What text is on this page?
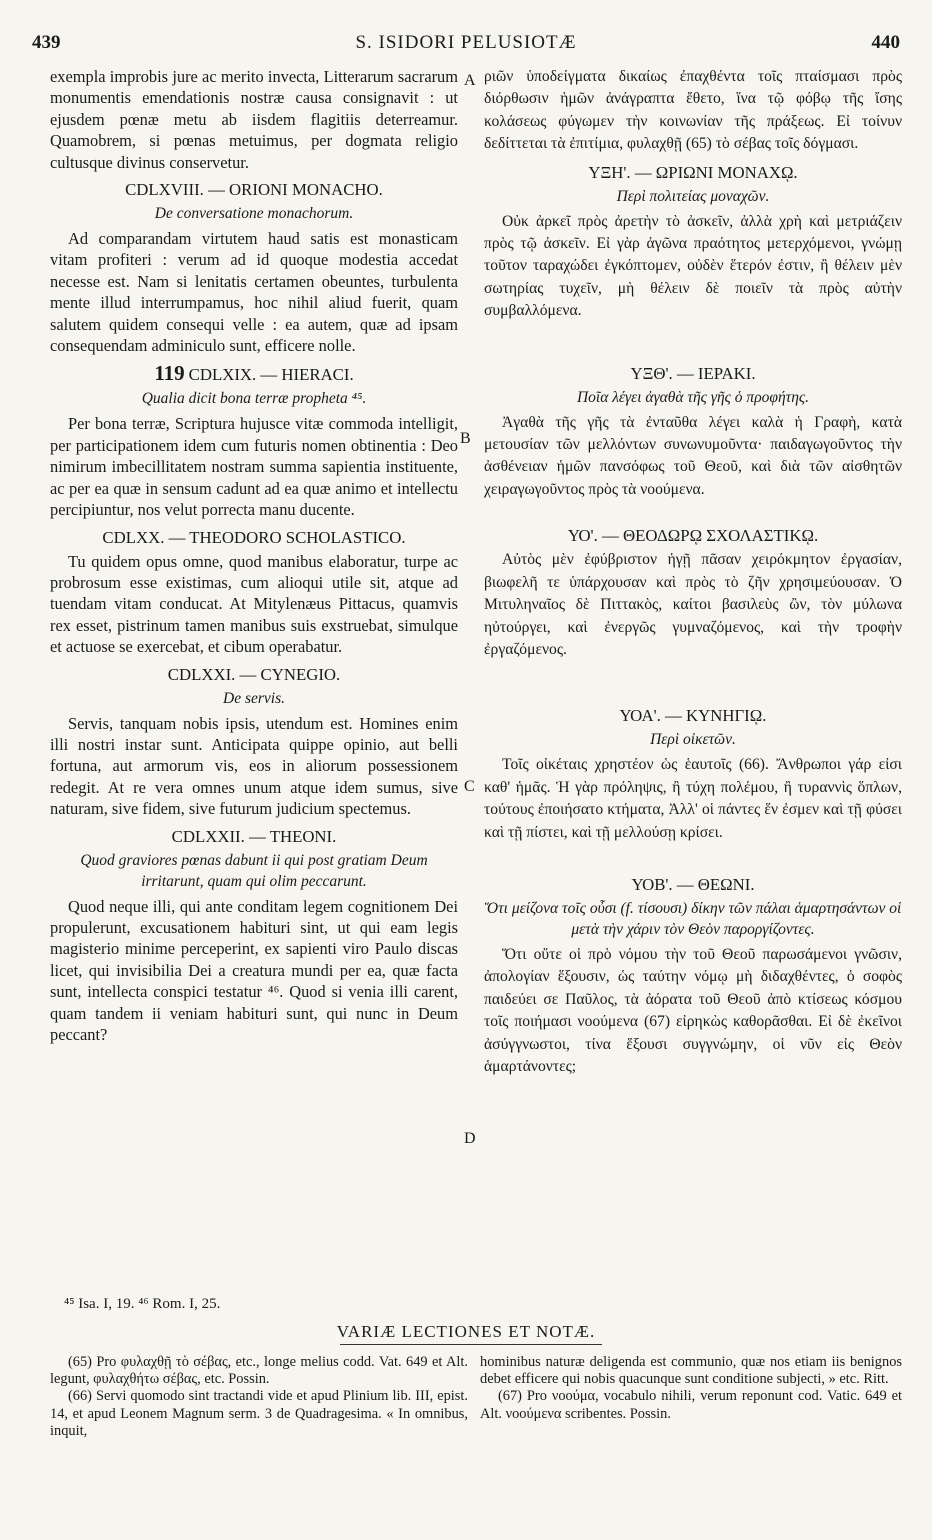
439	S. ISIDORI PELUSIOTÆ	440
A
B
C
D

exempla improbis jure ac merito invecta, Litterarum sacrarum monumentis emendationis nostræ causa consignavit : ut ejusdem pœnæ metu ab iisdem flagitiis deterreamur. Quamobrem, si pœnas metuimus, per dogmata religio cultusque divinus conservetur.

CDLXVIII. — ORIONI MONACHO.
De conversatione monachorum.

Ad comparandam virtutem haud satis est monasticam vitam profiteri : verum ad id quoque modestia accedat necesse est. Nam si lenitatis certamen obeuntes, turbulenta mente illud interrumpamus, hoc nihil aliud fuerit, quam salutem quidem consequi velle : ea autem, quæ ad ipsam consequendam adminiculo sunt, efficere nolle.

119 CDLXIX. — HIERACI.
Qualia dicit bona terræ propheta ⁴⁵.

Per bona terræ, Scriptura hujusce vitæ commoda intelligit, per participationem idem cum futuris nomen obtinentia : Deo nimirum imbecillitatem nostram summa sapientia instituente, ac per ea quæ in sensum cadunt ad ea quæ animo et intellectu percipiuntur, nos velut porrecta manu ducente.

CDLXX. — THEODORO SCHOLASTICO.

Tu quidem opus omne, quod manibus elaboratur, turpe ac probrosum esse existimas, cum alioqui utile sit, atque ad tuendam vitam conducat. At Mitylenæus Pittacus, quamvis rex esset, pistrinum tamen manibus suis exstruebat, simulque et actuose se exercebat, et cibum operabatur.

CDLXXI. — CYNEGIO.
De servis.

Servis, tanquam nobis ipsis, utendum est. Homines enim illi nostri instar sunt. Anticipata quippe opinio, aut belli fortuna, aut armorum vis, eos in aliorum possessionem redegit. At re vera omnes unum atque idem sumus, sive naturam, sive fidem, sive futurum judicium spectemus.

CDLXXII. — THEONI.
Quod graviores pœnas dabunt ii qui post gratiam Deum irritarunt, quam qui olim peccarunt.

Quod neque illi, qui ante conditam legem cognitionem Dei propulerunt, excusationem habituri sint, ut qui eam legis magisterio minime perceperint, ex sapienti viro Paulo discas licet, qui invisibilia Dei a creatura mundi per ea, quæ facta sunt, intellecta conspici testatur ⁴⁶. Quod si venia illi carent, quam tandem ii veniam habituri sunt, qui nunc in Deum peccant?

ριῶν ὑποδείγματα δικαίως ἐπαχθέντα τοῖς πταίσμασι πρὸς διόρθωσιν ἡμῶν ἀνάγραπτα ἔθετο, ἵνα τῷ φόβῳ τῆς ἴσης κολάσεως φύγωμεν τὴν κοινωνίαν τῆς πράξεως. Εἰ τοίνυν δεδίττεται τὰ ἐπιτίμια, φυλαχθῇ (65) τὸ σέβας τοῖς δόγμασι.

ΥΞΗ'. — ΩΡΙΩΝΙ ΜΟΝΑΧῼ.
Περὶ πολιτείας μοναχῶν.

Οὐκ ἀρκεῖ πρὸς ἀρετὴν τὸ ἀσκεῖν, ἀλλὰ χρὴ καὶ μετριάζειν πρὸς τῷ ἀσκεῖν. Εἰ γὰρ ἀγῶνα πραότητος μετερχόμενοι, γνώμῃ τοῦτον ταραχώδει ἐγκόπτομεν, οὐδὲν ἕτερόν ἐστιν, ἢ θέλειν μὲν σωτηρίας τυχεῖν, μὴ θέλειν δὲ ποιεῖν τὰ πρὸς αὐτὴν συμβαλλόμενα.

ΥΞΘ'. — ΙΕΡΑΚΙ.
Ποῖα λέγει ἀγαθὰ τῆς γῆς ὁ προφήτης.

Ἀγαθὰ τῆς γῆς τὰ ἐνταῦθα λέγει καλὰ ἡ Γραφὴ, κατὰ μετουσίαν τῶν μελλόντων συνωνυμοῦντα· παιδαγωγοῦντος τὴν ἀσθένειαν ἡμῶν πανσόφως τοῦ Θεοῦ, καὶ διὰ τῶν αἰσθητῶν χειραγωγοῦντος πρὸς τὰ νοούμενα.

ΥΟ'. — ΘΕΟΔΩΡῼ ΣΧΟΛΑΣΤΙΚῼ.

Αὐτὸς μὲν ἐφύβριστον ἡγῇ πᾶσαν χειρόκμητον ἐργασίαν, βιωφελῆ τε ὑπάρχουσαν καὶ πρὸς τὸ ζῆν χρησιμεύουσαν. Ὁ Μιτυληναῖος δὲ Πιττακὸς, καίτοι βασιλεὺς ὢν, τὸν μύλωνα ηὐτούργει, καὶ ἐνεργῶς γυμναζόμενος, καὶ τὴν τροφὴν ἐργαζόμενος.

ΥΟΑ'. — ΚΥΝΗΓΙῼ.
Περὶ οἰκετῶν.

Τοῖς οἰκέταις χρηστέον ὡς ἑαυτοῖς (66). Ἄνθρωποι γάρ εἰσι καθ' ἡμᾶς. Ἡ γὰρ πρόληψις, ἢ τύχη πολέμου, ἢ τυραννὶς ὅπλων, τούτους ἐποιήσατο κτήματα, Ἀλλ' οἱ πάντες ἕν ἐσμεν καὶ τῇ φύσει καὶ τῇ πίστει, καὶ τῇ μελλούσῃ κρίσει.

ΥΟΒ'. — ΘΕΩΝΙ.
Ὅτι μείζονα τοῖς οὖσι (f. τίσουσι) δίκην τῶν πάλαι ἁμαρτησάντων οἱ μετὰ τὴν χάριν τὸν Θεὸν παροργίζοντες.

Ὅτι οὔτε οἱ πρὸ νόμου τὴν τοῦ Θεοῦ παρωσάμενοι γνῶσιν, ἀπολογίαν ἕξουσιν, ὡς ταύτην νόμῳ μὴ διδαχθέντες, ὁ σοφὸς παιδεύει σε Παῦλος, τὰ ἀόρατα τοῦ Θεοῦ ἀπὸ κτίσεως κόσμου τοῖς ποιήμασι νοούμενα (67) εἰρηκὼς καθορᾶσθαι. Εἰ δὲ ἐκεῖνοι ἀσύγγνωστοι, τίνα ἕξουσι συγγνώμην, οἱ νῦν εἰς Θεὸν ἁμαρτάνοντες;

⁴⁵ Isa. I, 19. ⁴⁶ Rom. I, 25.
VARIÆ LECTIONES ET NOTÆ.

(65) Pro φυλαχθῇ τὸ σέβας, etc., longe melius codd. Vat. 649 et Alt. legunt, φυλαχθήτω σέβας, etc. Possin.

(66) Servi quomodo sint tractandi vide et apud Plinium lib. III, epist. 14, et apud Leonem Magnum serm. 3 de Quadragesima. « In omnibus, inquit,

hominibus naturæ deligenda est communio, quæ nos etiam iis benignos debet efficere qui nobis quacunque sunt conditione subjecti, » etc. Ritt.

(67) Pro νοούμα, vocabulo nihili, verum reponunt cod. Vatic. 649 et Alt. νοούμενα scribentes. Possin.
